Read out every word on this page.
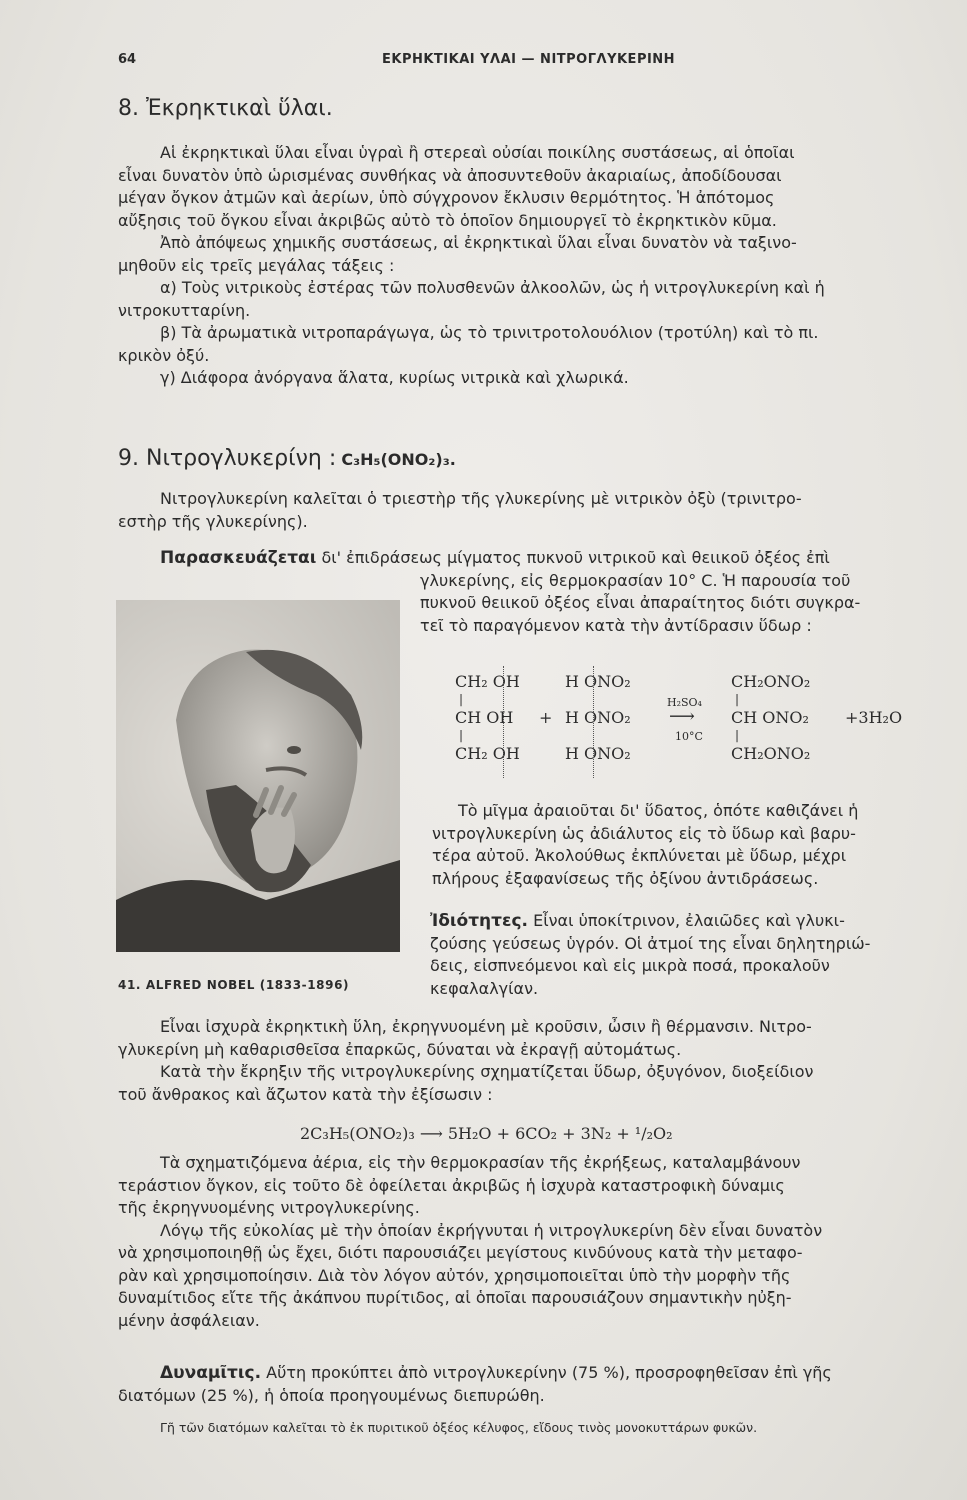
64	ΕΚΡΗΚΤΙΚΑΙ ΥΛΑΙ — ΝΙΤΡΟΓΛΥΚΕΡΙΝΗ
8. Ἐκρηκτικαὶ ὕλαι.
Αἱ ἐκρηκτικαὶ ὕλαι εἶναι ὑγραὶ ἢ στερεαὶ οὐσίαι ποικίλης συστάσεως, αἱ ὁποῖαι
εἶναι δυνατὸν ὑπὸ ὡρισμένας συνθήκας νὰ ἀποσυντεθοῦν ἀκαριαίως, ἀποδίδουσαι
μέγαν ὄγκον ἀτμῶν καὶ ἀερίων, ὑπὸ σύγχρονον ἔκλυσιν θερμότητος. Ἡ ἀπότομος
αὔξησις τοῦ ὄγκου εἶναι ἀκριβῶς αὐτὸ τὸ ὁποῖον δημιουργεῖ τὸ ἐκρηκτικὸν κῦμα.
Ἀπὸ ἀπόψεως χημικῆς συστάσεως, αἱ ἐκρηκτικαὶ ὕλαι εἶναι δυνατὸν νὰ ταξινο-
μηθοῦν εἰς τρεῖς μεγάλας τάξεις :
α) Τοὺς νιτρικοὺς ἐστέρας τῶν πολυσθενῶν ἀλκοολῶν, ὡς ἡ νιτρογλυκερίνη καὶ ἡ
νιτροκυτταρίνη.
β) Τὰ ἀρωματικὰ νιτροπαράγωγα, ὡς τὸ τρινιτροτολουόλιον (τροτύλη) καὶ τὸ πι.
κρικὸν ὀξύ.
γ) Διάφορα ἀνόργανα ἅλατα, κυρίως νιτρικὰ καὶ χλωρικά.
9. Νιτρογλυκερίνη : C₃H₅(ONO₂)₃.
Νιτρογλυκερίνη καλεῖται ὁ τριεστὴρ τῆς γλυκερίνης μὲ νιτρικὸν ὀξὺ (τρινιτρο-
εστὴρ τῆς γλυκερίνης).
Παρασκευάζεται δι' ἐπιδράσεως μίγματος πυκνοῦ νιτρικοῦ καὶ θειικοῦ ὀξέος ἐπὶ
γλυκερίνης, εἰς θερμοκρασίαν 10° C. Ἡ παρουσία τοῦ
πυκνοῦ θειικοῦ ὀξέος εἶναι ἀπαραίτητος διότι συγκρα-
τεῖ τὸ παραγόμενον κατὰ τὴν ἀντίδρασιν ὕδωρ :
CH₂ OH
|
CH OH
|
CH₂ OH
+
H ONO₂
H ONO₂
H ONO₂
H₂SO₄
⟶
10°C
CH₂ONO₂
|
CH ONO₂
|
CH₂ONO₂
+3H₂O
Τὸ μῖγμα ἀραιοῦται δι' ὕδατος, ὁπότε καθιζάνει ἡ
νιτρογλυκερίνη ὡς ἀδιάλυτος εἰς τὸ ὕδωρ καὶ βαρυ-
τέρα αὐτοῦ. Ἀκολούθως ἐκπλύνεται μὲ ὕδωρ, μέχρι
πλήρους ἐξαφανίσεως τῆς ὀξίνου ἀντιδράσεως.
Ἰδιότητες. Εἶναι ὑποκίτρινον, ἐλαιῶδες καὶ γλυκι-
ζούσης γεύσεως ὑγρόν. Οἱ ἀτμοί της εἶναι δηλητηριώ-
δεις, εἰσπνεόμενοι καὶ εἰς μικρὰ ποσά, προκαλοῦν
κεφαλαλγίαν.
41. ALFRED NOBEL (1833-1896)
Εἶναι ἰσχυρὰ ἐκρηκτικὴ ὕλη, ἐκρηγνυομένη μὲ κροῦσιν, ὦσιν ἢ θέρμανσιν. Νιτρο-
γλυκερίνη μὴ καθαρισθεῖσα ἐπαρκῶς, δύναται νὰ ἐκραγῇ αὐτομάτως.
Κατὰ τὴν ἔκρηξιν τῆς νιτρογλυκερίνης σχηματίζεται ὕδωρ, ὀξυγόνον, διοξείδιον
τοῦ ἄνθρακος καὶ ἄζωτον κατὰ τὴν ἐξίσωσιν :
2C₃H₅(ONO₂)₃ ⟶ 5H₂O + 6CO₂ + 3N₂ + ¹/₂O₂
Τὰ σχηματιζόμενα ἀέρια, εἰς τὴν θερμοκρασίαν τῆς ἐκρήξεως, καταλαμβάνουν
τεράστιον ὄγκον, εἰς τοῦτο δὲ ὀφείλεται ἀκριβῶς ἡ ἰσχυρὰ καταστροφικὴ δύναμις
τῆς ἐκρηγνυομένης νιτρογλυκερίνης.
Λόγῳ τῆς εὐκολίας μὲ τὴν ὁποίαν ἐκρήγνυται ἡ νιτρογλυκερίνη δὲν εἶναι δυνατὸν
νὰ χρησιμοποιηθῇ ὡς ἔχει, διότι παρουσιάζει μεγίστους κινδύνους κατὰ τὴν μεταφο-
ρὰν καὶ χρησιμοποίησιν. Διὰ τὸν λόγον αὐτόν, χρησιμοποιεῖται ὑπὸ τὴν μορφὴν τῆς
δυναμίτιδος εἴτε τῆς ἀκάπνου πυρίτιδος, αἱ ὁποῖαι παρουσιάζουν σημαντικὴν ηὐξη-
μένην ἀσφάλειαν.
Δυναμῖτις. Αὕτη προκύπτει ἀπὸ νιτρογλυκερίνην (75 %), προσροφηθεῖσαν ἐπὶ γῆς
διατόμων (25 %), ἡ ὁποία προηγουμένως διεπυρώθη.
Γῆ τῶν διατόμων καλεῖται τὸ ἐκ πυριτικοῦ ὀξέος κέλυφος, εἴδους τινὸς μονοκυττάρων φυκῶν.
